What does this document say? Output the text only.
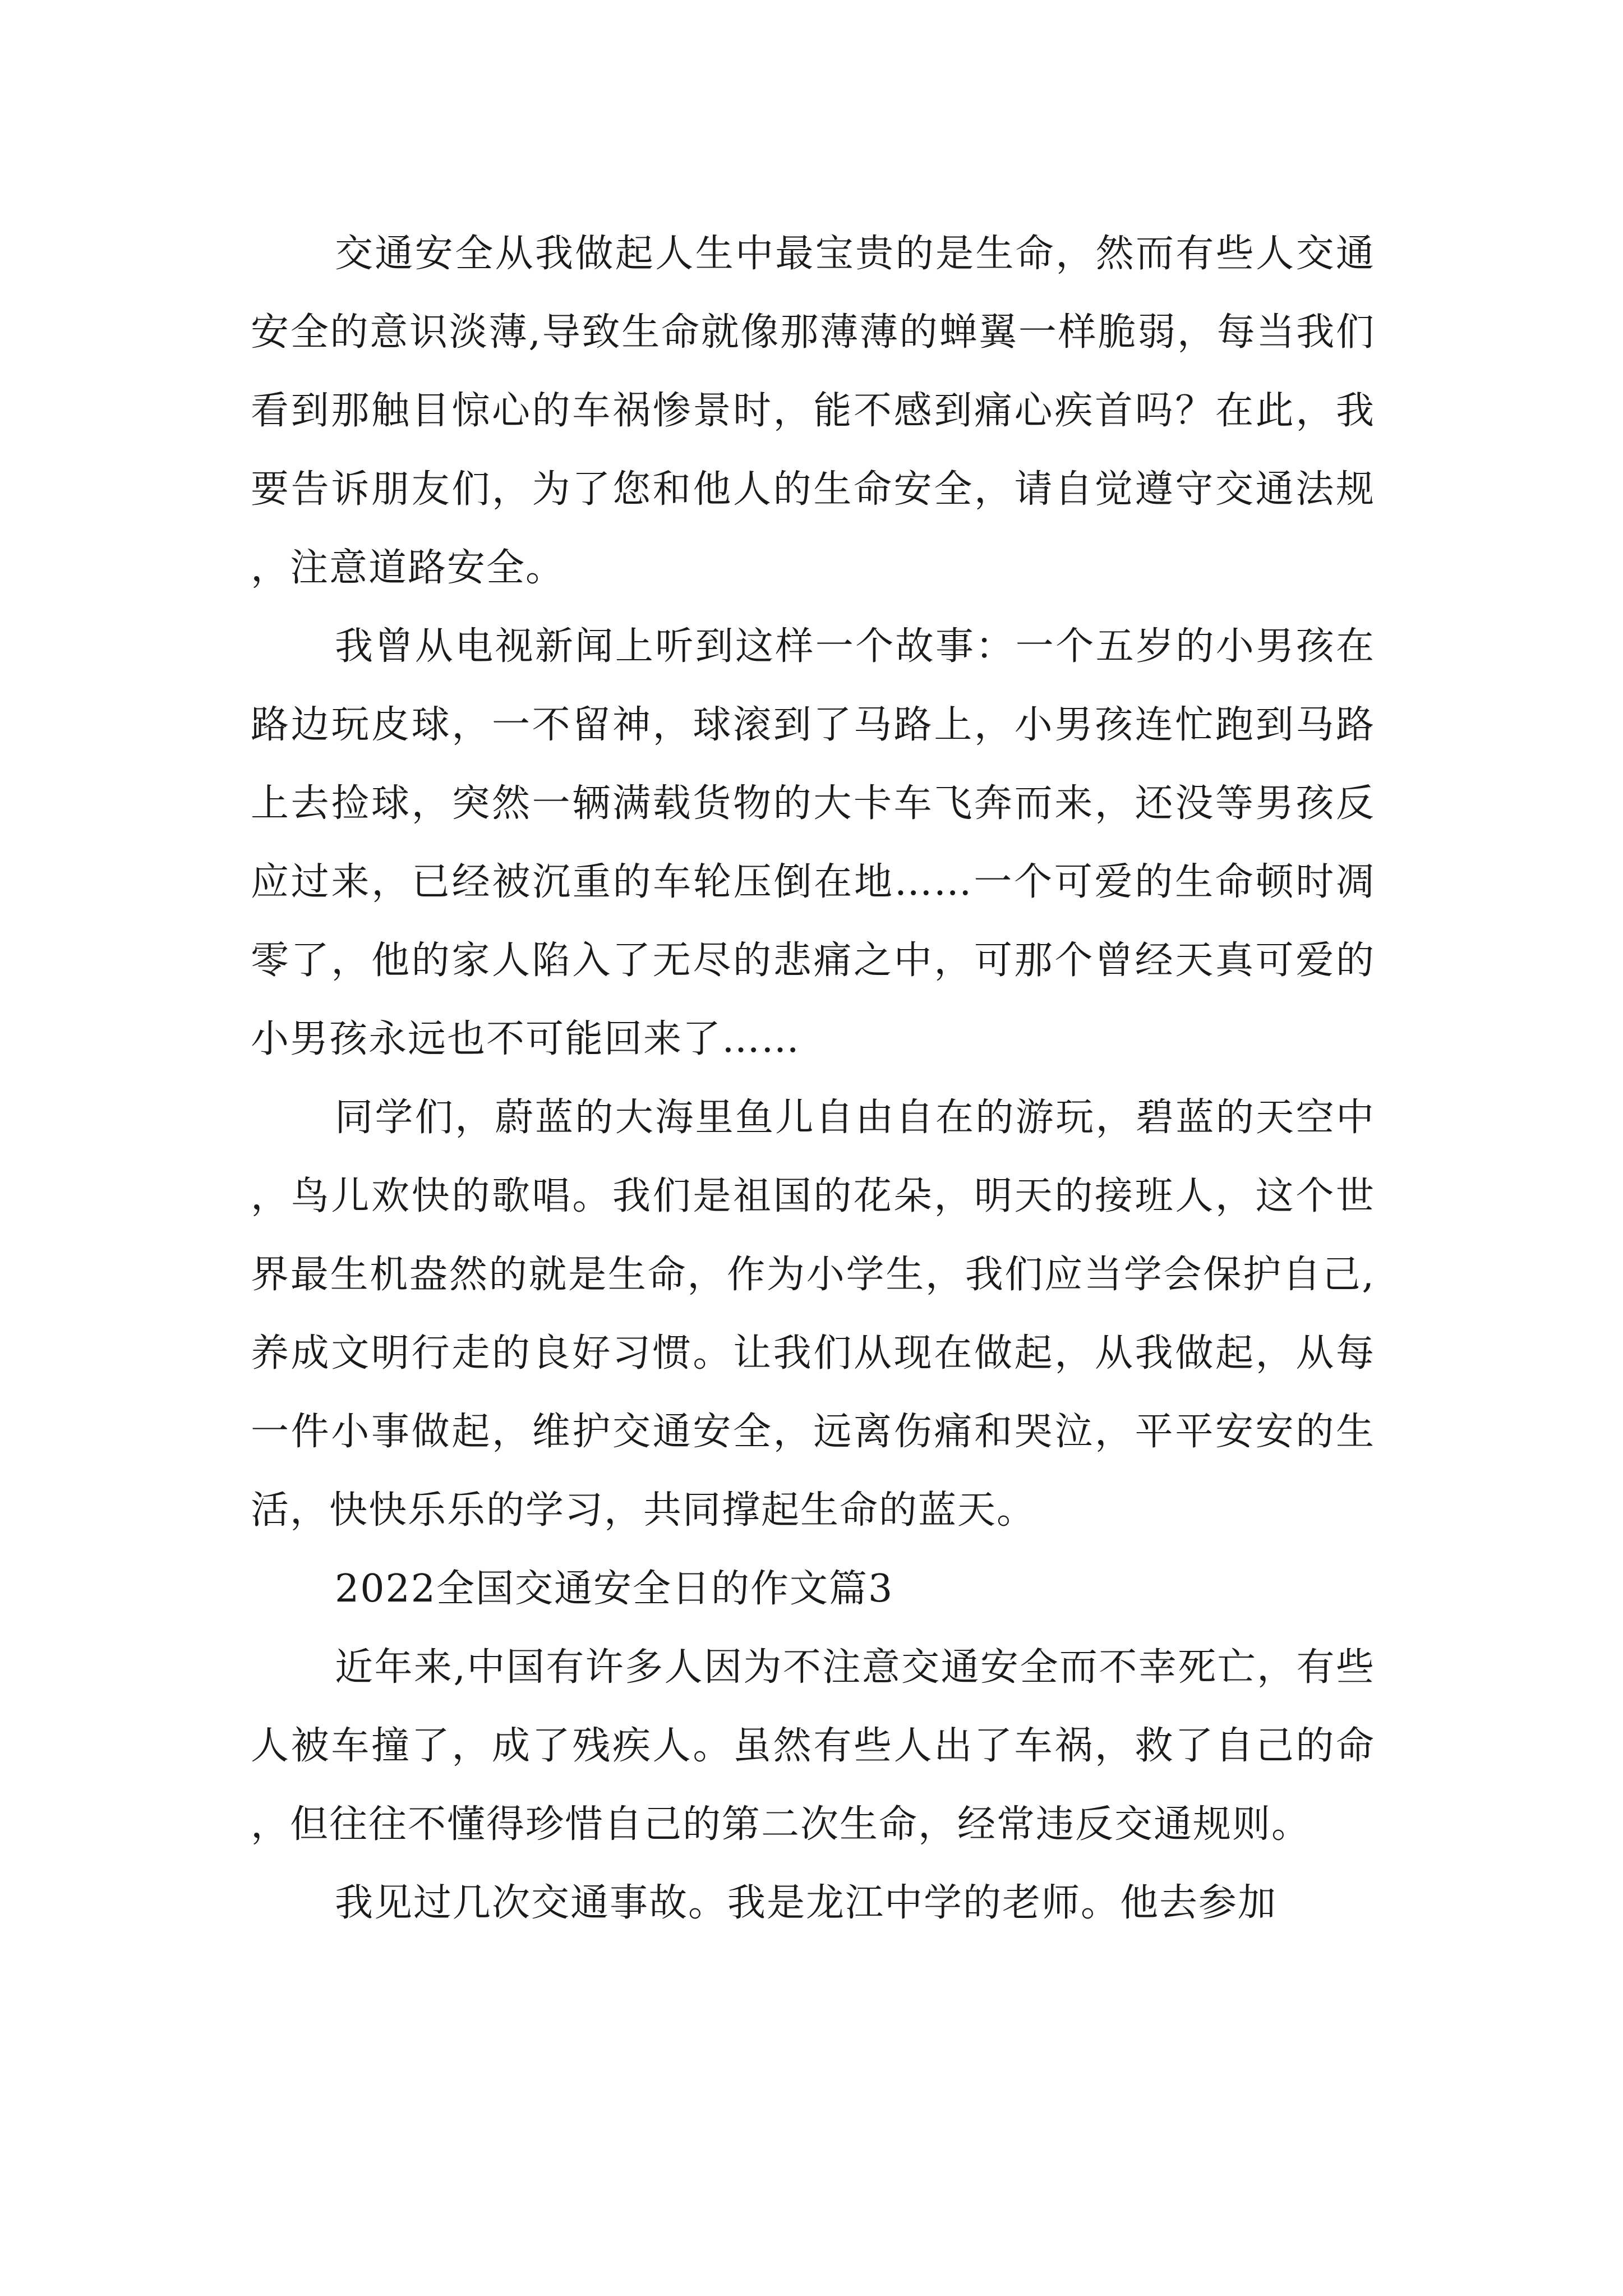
交通安全从我做起人生中最宝贵的是生命，然而有些人交通安全的意识淡薄,导致生命就像那薄薄的蝉翼一样脆弱，每当我们看到那触目惊心的车祸惨景时，能不感到痛心疾首吗？在此，我要告诉朋友们，为了您和他人的生命安全，请自觉遵守交通法规，注意道路安全。

我曾从电视新闻上听到这样一个故事：一个五岁的小男孩在路边玩皮球，一不留神，球滚到了马路上，小男孩连忙跑到马路上去捡球，突然一辆满载货物的大卡车飞奔而来，还没等男孩反应过来，已经被沉重的车轮压倒在地……一个可爱的生命顿时凋零了，他的家人陷入了无尽的悲痛之中，可那个曾经天真可爱的小男孩永远也不可能回来了……

同学们，蔚蓝的大海里鱼儿自由自在的游玩，碧蓝的天空中，鸟儿欢快的歌唱。我们是祖国的花朵，明天的接班人，这个世界最生机盎然的就是生命，作为小学生，我们应当学会保护自己,养成文明行走的良好习惯。让我们从现在做起，从我做起，从每一件小事做起，维护交通安全，远离伤痛和哭泣，平平安安的生活，快快乐乐的学习，共同撑起生命的蓝天。

2022全国交通安全日的作文篇3

近年来,中国有许多人因为不注意交通安全而不幸死亡，有些人被车撞了，成了残疾人。虽然有些人出了车祸，救了自己的命，但往往不懂得珍惜自己的第二次生命，经常违反交通规则。

我见过几次交通事故。我是龙江中学的老师。他去参加
